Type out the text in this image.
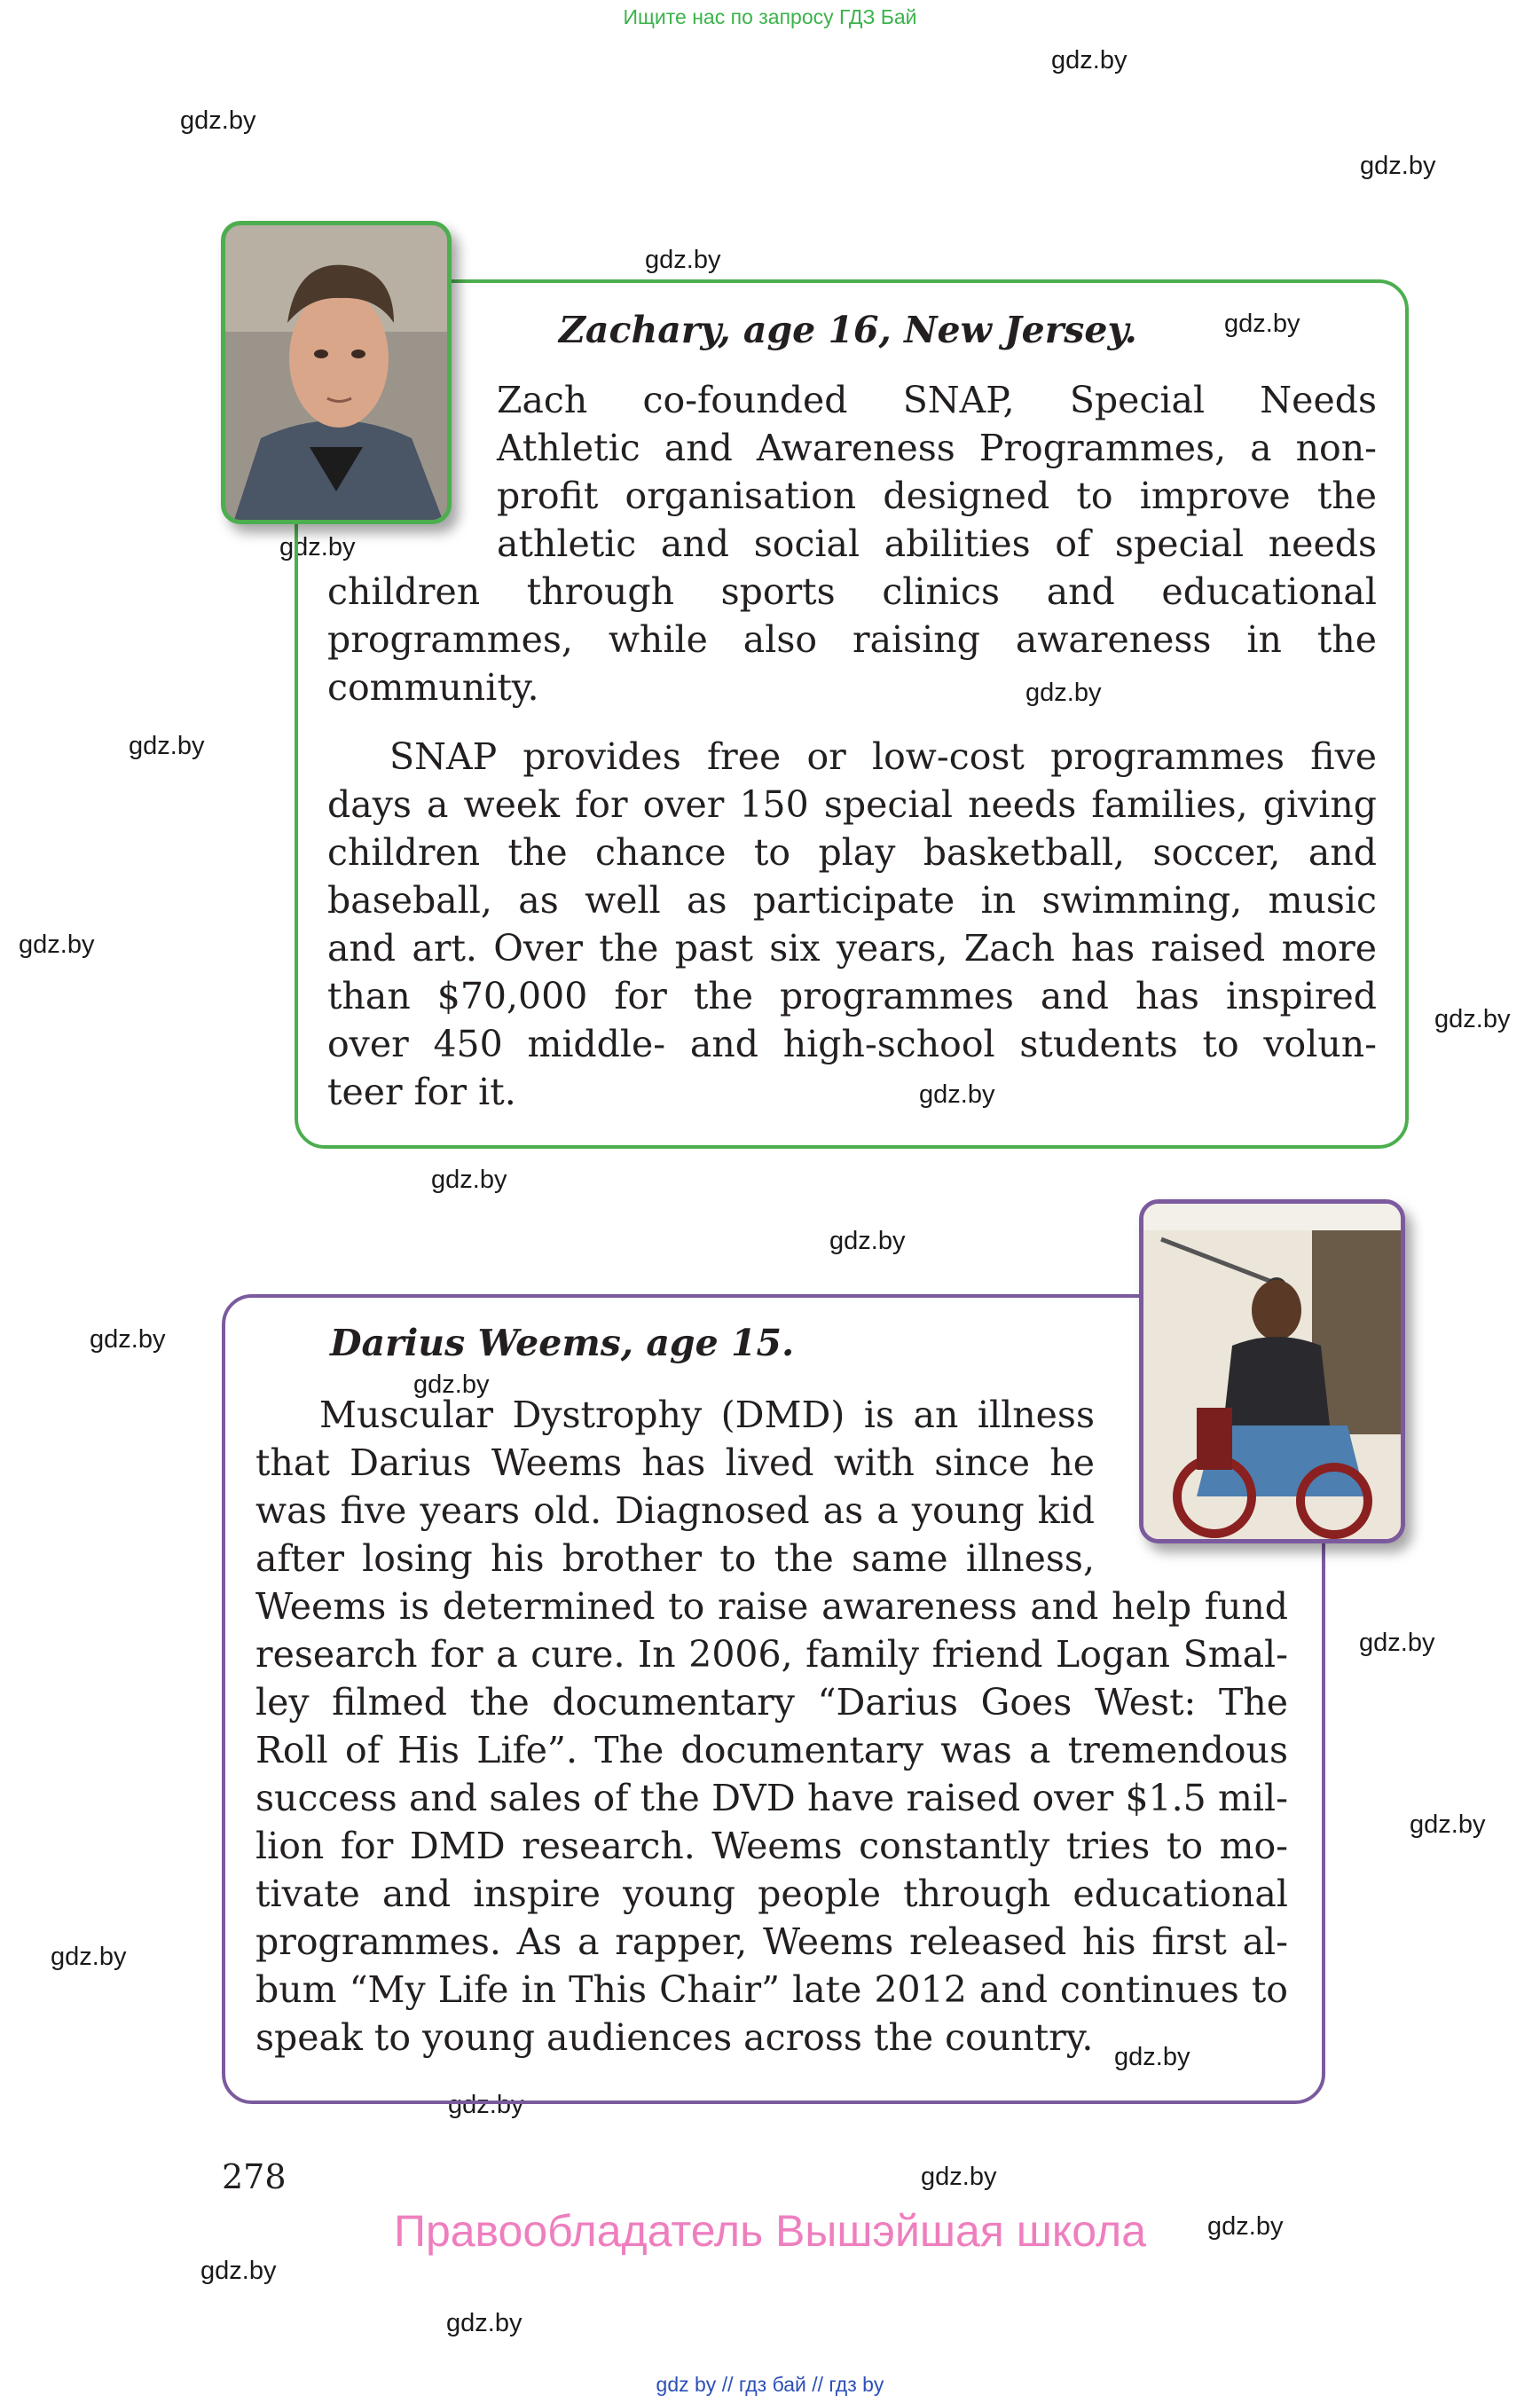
Ищите нас по запросу ГДЗ Бай
gdz.by
gdz.by
gdz.by
gdz.by
gdz.by
gdz.by
gdz.by
gdz.by
gdz.by
gdz.by
gdz.by
gdz.by
gdz.by
gdz.by
gdz.by
gdz.by
gdz.by
gdz.by
gdz.by
gdz.by
gdz.by
gdz.by
gdz.by
gdz.by
Zachary, age 16, New Jersey.
Zach co-founded SNAP, Special Needs
Athletic and Awareness Programmes, a non-
profit organisation designed to improve the
athletic and social abilities of special needs
children through sports clinics and educational
programmes, while also raising awareness in the
community.
SNAP provides free or low-cost programmes five
days a week for over 150 special needs families, giving
children the chance to play basketball, soccer, and
baseball, as well as participate in swimming, music
and art. Over the past six years, Zach has raised more
than $70,000 for the programmes and has inspired
over 450 middle- and high-school students to volun-
teer for it.
Darius Weems, age 15.
Muscular Dystrophy (DMD) is an illness
that Darius Weems has lived with since he
was five years old. Diagnosed as a young kid
after losing his brother to the same illness,
Weems is determined to raise awareness and help fund
research for a cure. In 2006, family friend Logan Smal-
ley filmed the documentary “Darius Goes West: The
Roll of His Life”. The documentary was a tremendous
success and sales of the DVD have raised over $1.5 mil-
lion for DMD research. Weems constantly tries to mo-
tivate and inspire young people through educational
programmes. As a rapper, Weems released his first al-
bum “My Life in This Chair” late 2012 and continues to
speak to young audiences across the country.
278
Правообладатель Вышэйшая школа
gdz by // гдз бай // гдз by
